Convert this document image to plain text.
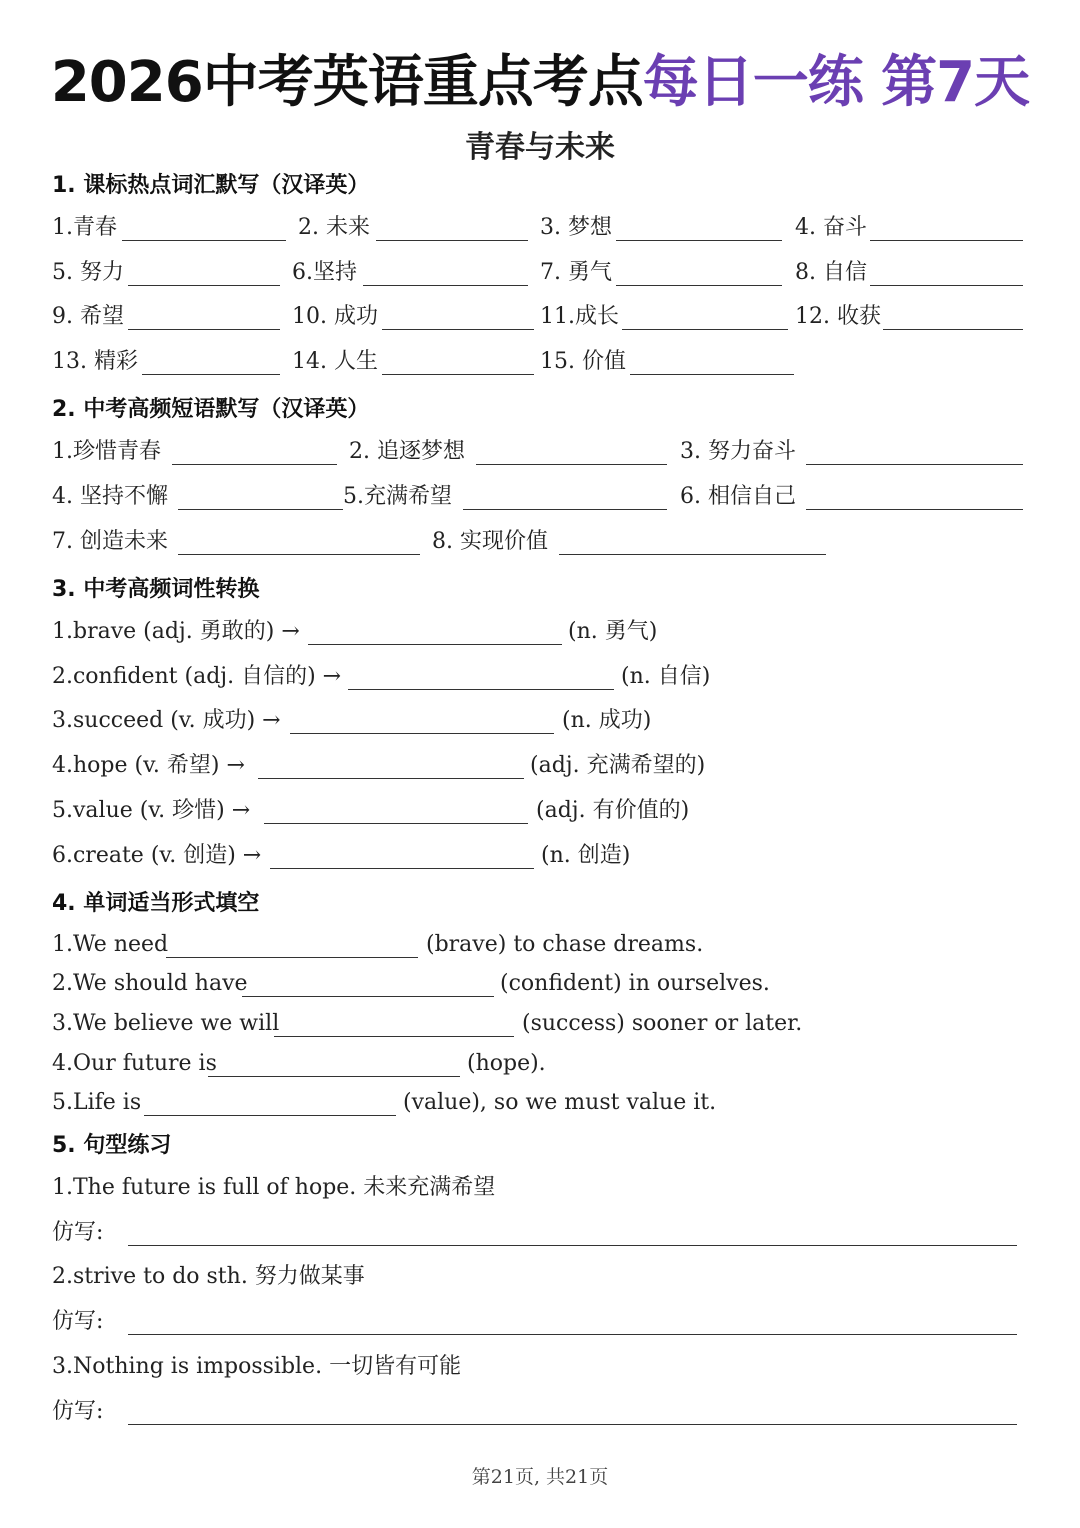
2026中考英语重点考点每日一练 第7天
青春与未来
1. 课标热点词汇默写（汉译英）
1.青春	2. 未来	3. 梦想	4. 奋斗
5. 努力	6.坚持	7. 勇气	8. 自信
9. 希望	10. 成功	11.成长	12. 收获
13. 精彩	14. 人生	15. 价值
2. 中考高频短语默写（汉译英）
1.珍惜青春	2. 追逐梦想	3. 努力奋斗
4. 坚持不懈	5.充满希望	6. 相信自己
7. 创造未来	8. 实现价值
3. 中考高频词性转换
1.brave (adj. 勇敢的) →	(n. 勇气)
2.confident (adj. 自信的) →	(n. 自信)
3.succeed (v. 成功) →	(n. 成功)
4.hope (v. 希望) →	(adj. 充满希望的)
5.value (v. 珍惜) →	(adj. 有价值的)
6.create (v. 创造) →	(n. 创造)
4. 单词适当形式填空
1.We need	(brave) to chase dreams.
2.We should have	(confident) in ourselves.
3.We believe we will	(success) sooner or later.
4.Our future is	(hope).
5.Life is	(value), so we must value it.
5. 句型练习
1.The future is full of hope. 未来充满希望
仿写:
2.strive to do sth. 努力做某事
仿写:
3.Nothing is impossible. 一切皆有可能
仿写:
第21页, 共21页
